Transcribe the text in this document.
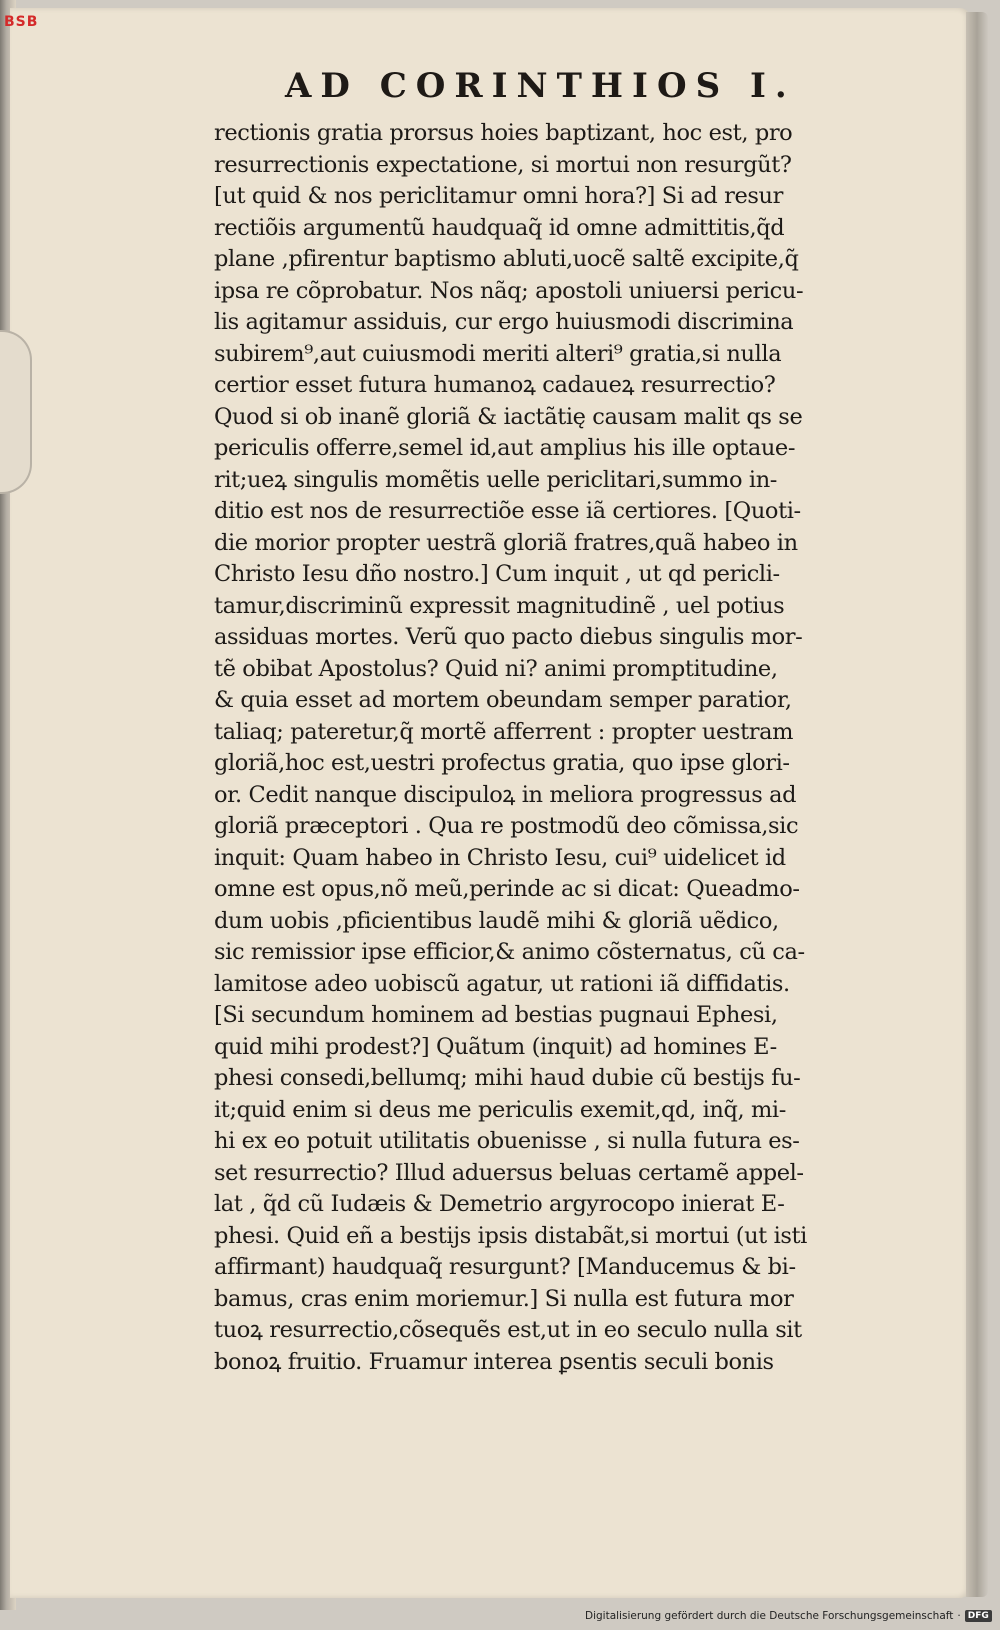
BSB
AD CORINTHIOS I.
rectionis gratia prorsus hoies baptizant, hoc est, pro
resurrectionis expectatione, si mortui non resurgũt?
[ut quid & nos periclitamur omni hora?] Si ad resur
rectiõis argumentũ haudquaq̃ id omne admittitis,q̃d
plane ,pfirentur baptismo abluti,uocẽ saltẽ excipite,q̃
ipsa re cõprobatur. Nos nãq; apostoli uniuersi pericu-
lis agitamur assiduis, cur ergo huiusmodi discrimina
subirem⁹,aut cuiusmodi meriti alteri⁹ gratia,si nulla
certior esset futura humanoꝝ cadaueꝝ resurrectio?
Quod si ob inanẽ gloriã & iactãtię causam malit qs se
periculis offerre,semel id,aut amplius his ille optaue-
rit;ueꝝ singulis momẽtis uelle periclitari,summo in-
ditio est nos de resurrectiõe esse iã certiores. [Quoti-
die morior propter uestrã gloriã fratres,quã habeo in
Christo Iesu dño nostro.] Cum inquit , ut qd pericli-
tamur,discriminũ expressit magnitudinẽ , uel potius
assiduas mortes. Verũ quo pacto diebus singulis mor-
tẽ obibat Apostolus? Quid ni? animi promptitudine,
& quia esset ad mortem obeundam semper paratior,
taliaq; pateretur,q̃ mortẽ afferrent : propter uestram
gloriã,hoc est,uestri profectus gratia, quo ipse glori-
or. Cedit nanque discipuloꝝ in meliora progressus ad
gloriã præceptori . Qua re postmodũ deo cõmissa,sic
inquit: Quam habeo in Christo Iesu, cui⁹ uidelicet id
omne est opus,nõ meũ,perinde ac si dicat: Queadmo-
dum uobis ,pficientibus laudẽ mihi & gloriã uẽdico,
sic remissior ipse efficior,& animo cõsternatus, cũ ca-
lamitose adeo uobiscũ agatur, ut rationi iã diffidatis.
[Si secundum hominem ad bestias pugnaui Ephesi,
quid mihi prodest?] Quãtum (inquit) ad homines E-
phesi consedi,bellumq; mihi haud dubie cũ bestijs fu-
it;quid enim si deus me periculis exemit,qd, inq̃, mi-
hi ex eo potuit utilitatis obuenisse , si nulla futura es-
set resurrectio? Illud aduersus beluas certamẽ appel-
lat , q̃d cũ Iudæis & Demetrio argyrocopo inierat E-
phesi. Quid eñ a bestijs ipsis distabãt,si mortui (ut isti
affirmant) haudquaq̃ resurgunt? [Manducemus & bi-
bamus, cras enim moriemur.] Si nulla est futura mor
tuoꝝ resurrectio,cõsequẽs est,ut in eo seculo nulla sit
bonoꝝ fruitio. Fruamur interea ꝑsentis seculi bonis
Digitalisierung gefördert durch die Deutsche Forschungsgemeinschaft · DFG
